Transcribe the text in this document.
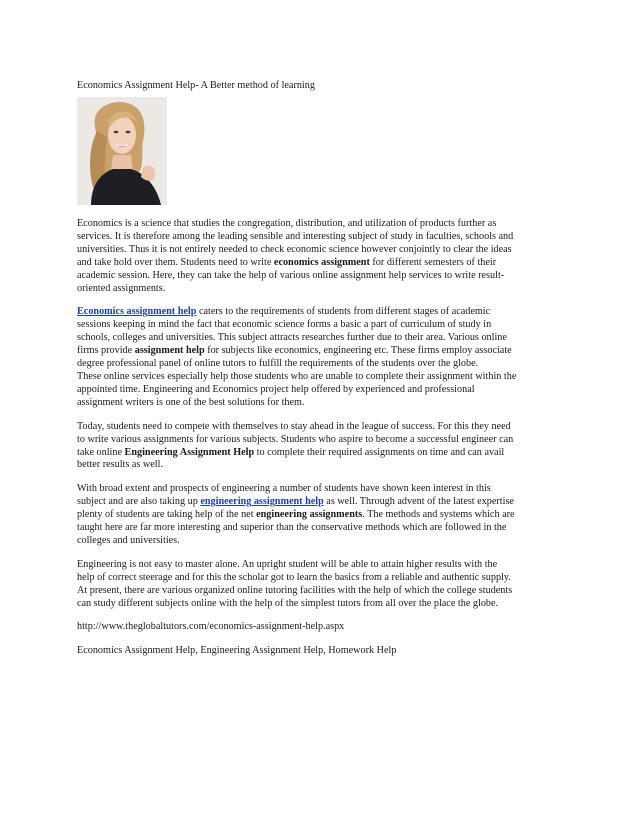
Economics Assignment Help- A Better method of learning

Economics is a science that studies the congregation, distribution, and utilization of products further as services. It is therefore among the leading sensible and interesting subject of study in faculties, schools and universities. Thus it is not entirely needed to check economic science however conjointly to clear the ideas and take hold over them. Students need to write economics assignment for different semesters of their academic session. Here, they can take the help of various online assignment help services to write result-oriented assignments.

Economics assignment help caters to the requirements of students from different stages of academic sessions keeping in mind the fact that economic science forms a basic a part of curriculum of study in schools, colleges and universities. This subject attracts researches further due to their area. Various online firms provide assignment help for subjects like economics, engineering etc. These firms employ associate degree professional panel of online tutors to fulfill the requirements of the students over the globe.

These online services especially help those students who are unable to complete their assignment within the appointed time. Engineering and Economics project help offered by experienced and professional assignment writers is one of the best solutions for them.

Today, students need to compete with themselves to stay ahead in the league of success. For this they need to write various assignments for various subjects. Students who aspire to become a successful engineer can take online Engineering Assignment Help to complete their required assignments on time and can avail better results as well.

With broad extent and prospects of engineering a number of students have shown keen interest in this subject and are also taking up engineering assignment help as well. Through advent of the latest expertise plenty of students are taking help of the net engineering assignments. The methods and systems which are taught here are far more interesting and superior than the conservative methods which are followed in the colleges and universities.

Engineering is not easy to master alone. An upright student will be able to attain higher results with the help of correct steerage and for this the scholar got to learn the basics from a reliable and authentic supply. At present, there are various organized online tutoring facilities with the help of which the college students can study different subjects online with the help of the simplest tutors from all over the place the globe.

http://www.theglobaltutors.com/economics-assignment-help.aspx

Economics Assignment Help, Engineering Assignment Help, Homework Help
